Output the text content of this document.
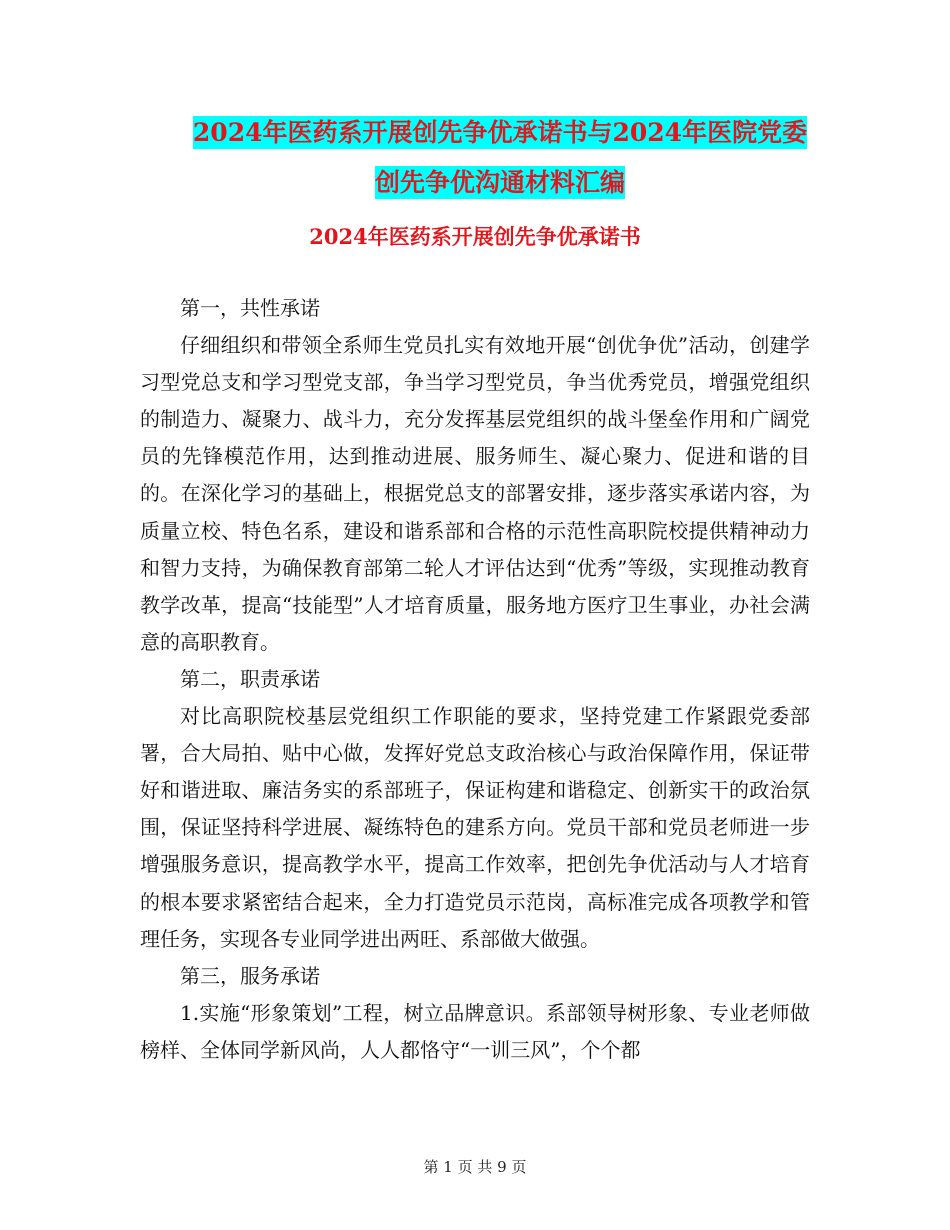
2024年医药系开展创先争优承诺书与2024年医院党委
创先争优沟通材料汇编
2024年医药系开展创先争优承诺书

第一，共性承诺

仔细组织和带领全系师生党员扎实有效地开展“创优争优”活动，创建学习型党总支和学习型党支部，争当学习型党员，争当优秀党员，增强党组织的制造力、凝聚力、战斗力，充分发挥基层党组织的战斗堡垒作用和广阔党员的先锋模范作用，达到推动进展、服务师生、凝心聚力、促进和谐的目的。在深化学习的基础上，根据党总支的部署安排，逐步落实承诺内容，为质量立校、特色名系，建设和谐系部和合格的示范性高职院校提供精神动力和智力支持，为确保教育部第二轮人才评估达到“优秀”等级，实现推动教育教学改革，提高“技能型”人才培育质量，服务地方医疗卫生事业，办社会满意的高职教育。

第二，职责承诺

对比高职院校基层党组织工作职能的要求，坚持党建工作紧跟党委部署，合大局拍、贴中心做，发挥好党总支政治核心与政治保障作用，保证带好和谐进取、廉洁务实的系部班子，保证构建和谐稳定、创新实干的政治氛围，保证坚持科学进展、凝练特色的建系方向。党员干部和党员老师进一步增强服务意识，提高教学水平，提高工作效率，把创先争优活动与人才培育的根本要求紧密结合起来，全力打造党员示范岗，高标准完成各项教学和管理任务，实现各专业同学进出两旺、系部做大做强。

第三，服务承诺

1.实施“形象策划”工程，树立品牌意识。系部领导树形象、专业老师做榜样、全体同学新风尚，人人都恪守“一训三风”，个个都

第 1 页 共 9 页
